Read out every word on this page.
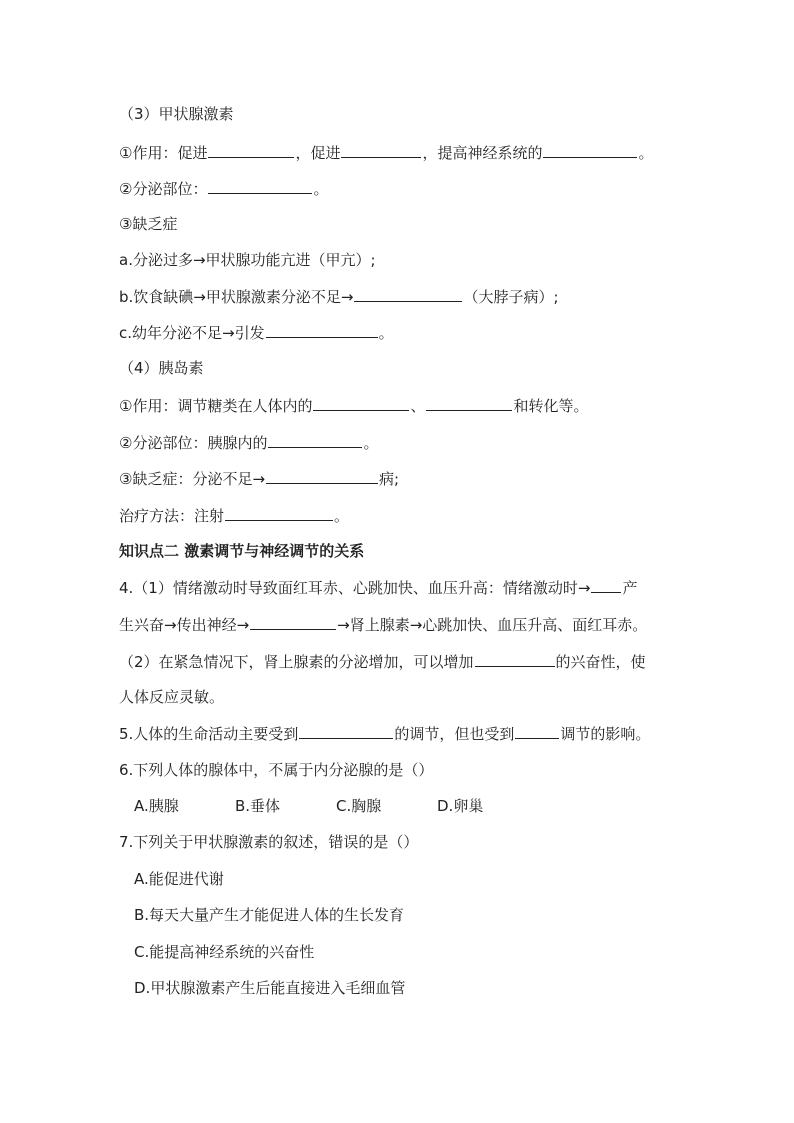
（3）甲状腺激素
①作用：促进	，促进	，提高神经系统的	。
②分泌部位：	。
③缺乏症
a.分泌过多→甲状腺功能亢进（甲亢）;
b.饮食缺碘→甲状腺激素分泌不足→	（大脖子病）;
c.幼年分泌不足→引发	。
（4）胰岛素
①作用：调节糖类在人体内的	、	和转化等。
②分泌部位：胰腺内的	。
③缺乏症：分泌不足→	病;
治疗方法：注射	。
知识点二 激素调节与神经调节的关系
4.（1）情绪激动时导致面红耳赤、心跳加快、血压升高：情绪激动时→ 产
生兴奋→传出神经→	→肾上腺素→心跳加快、血压升高、面红耳赤。
（2）在紧急情况下，肾上腺素的分泌增加，可以增加	的兴奋性，使
人体反应灵敏。
5.人体的生命活动主要受到	的调节，但也受到	调节的影响。
6.下列人体的腺体中，不属于内分泌腺的是（）
A.胰腺	B.垂体	C.胸腺	D.卵巢
7.下列关于甲状腺激素的叙述，错误的是（）
A.能促进代谢
B.每天大量产生才能促进人体的生长发育
C.能提高神经系统的兴奋性
D.甲状腺激素产生后能直接进入毛细血管
